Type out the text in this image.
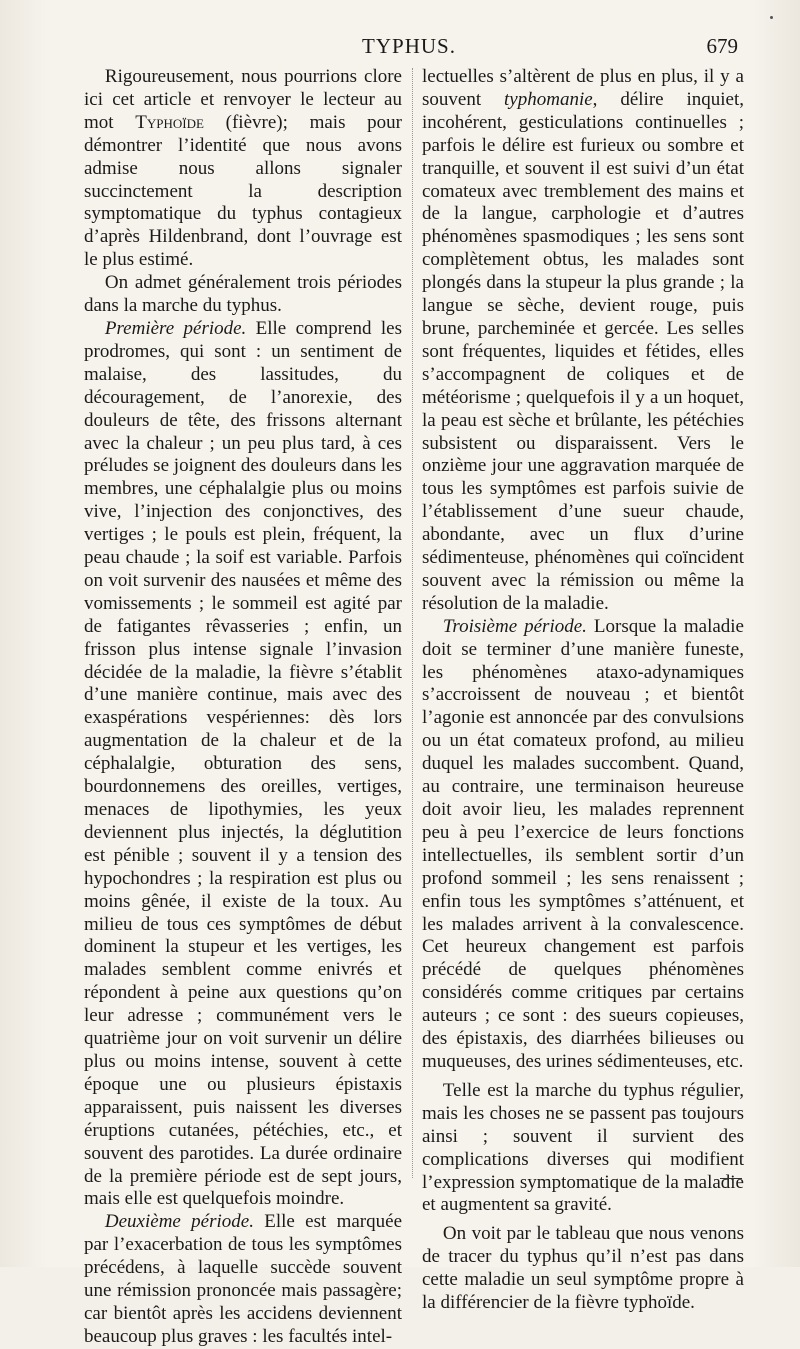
TYPHUS.	679

Rigoureusement, nous pourrions clore ici cet article et renvoyer le lecteur au mot Typhoïde (fièvre); mais pour démontrer l’identité que nous avons admise nous allons signaler succinctement la description symptomatique du typhus contagieux d’après Hildenbrand, dont l’ouvrage est le plus estimé.

On admet généralement trois périodes dans la marche du typhus.

Première période. Elle comprend les prodromes, qui sont : un sentiment de malaise, des lassitudes, du découragement, de l’anorexie, des douleurs de tête, des frissons alternant avec la chaleur ; un peu plus tard, à ces préludes se joignent des douleurs dans les membres, une céphalalgie plus ou moins vive, l’injection des conjonctives, des vertiges ; le pouls est plein, fréquent, la peau chaude ; la soif est variable. Parfois on voit survenir des nausées et même des vomissements ; le sommeil est agité par de fatigantes rêvasseries ; enfin, un frisson plus intense signale l’invasion décidée de la maladie, la fièvre s’établit d’une manière continue, mais avec des exaspérations vespériennes: dès lors augmentation de la chaleur et de la céphalalgie, obturation des sens, bourdonnemens des oreilles, vertiges, menaces de lipothymies, les yeux deviennent plus injectés, la déglutition est pénible ; souvent il y a tension des hypochondres ; la respiration est plus ou moins gênée, il existe de la toux. Au milieu de tous ces symptômes de début dominent la stupeur et les vertiges, les malades semblent comme enivrés et répondent à peine aux questions qu’on leur adresse ; communément vers le quatrième jour on voit survenir un délire plus ou moins intense, souvent à cette époque une ou plusieurs épistaxis apparaissent, puis naissent les diverses éruptions cutanées, pétéchies, etc., et souvent des parotides. La durée ordinaire de la première période est de sept jours, mais elle est quelquefois moindre.

Deuxième période. Elle est marquée par l’exacerbation de tous les symptômes précédens, à laquelle succède souvent une rémission prononcée mais passagère; car bientôt après les accidens deviennent beaucoup plus graves : les facultés intel-

lectuelles s’altèrent de plus en plus, il y a souvent typhomanie, délire inquiet, incohérent, gesticulations continuelles ; parfois le délire est furieux ou sombre et tranquille, et souvent il est suivi d’un état comateux avec tremblement des mains et de la langue, carphologie et d’autres phénomènes spasmodiques ; les sens sont complètement obtus, les malades sont plongés dans la stupeur la plus grande ; la langue se sèche, devient rouge, puis brune, parcheminée et gercée. Les selles sont fréquentes, liquides et fétides, elles s’accompagnent de coliques et de météorisme ; quelquefois il y a un hoquet, la peau est sèche et brûlante, les pétéchies subsistent ou disparaissent. Vers le onzième jour une aggravation marquée de tous les symptômes est parfois suivie de l’établissement d’une sueur chaude, abondante, avec un flux d’urine sédimenteuse, phénomènes qui coïncident souvent avec la rémission ou même la résolution de la maladie.

Troisième période. Lorsque la maladie doit se terminer d’une manière funeste, les phénomènes ataxo-adynamiques s’accroissent de nouveau ; et bientôt l’agonie est annoncée par des convulsions ou un état comateux profond, au milieu duquel les malades succombent. Quand, au contraire, une terminaison heureuse doit avoir lieu, les malades reprennent peu à peu l’exercice de leurs fonctions intellectuelles, ils semblent sortir d’un profond sommeil ; les sens renaissent ; enfin tous les symptômes s’atténuent, et les malades arrivent à la convalescence. Cet heureux changement est parfois précédé de quelques phénomènes considérés comme critiques par certains auteurs ; ce sont : des sueurs copieuses, des épistaxis, des diarrhées bilieuses ou muqueuses, des urines sédimenteuses, etc.

Telle est la marche du typhus régulier, mais les choses ne se passent pas toujours ainsi ; souvent il survient des complications diverses qui modifient l’expression symptomatique de la maladie et augmentent sa gravité.

On voit par le tableau que nous venons de tracer du typhus qu’il n’est pas dans cette maladie un seul symptôme propre à la différencier de la fièvre typhoïde.
